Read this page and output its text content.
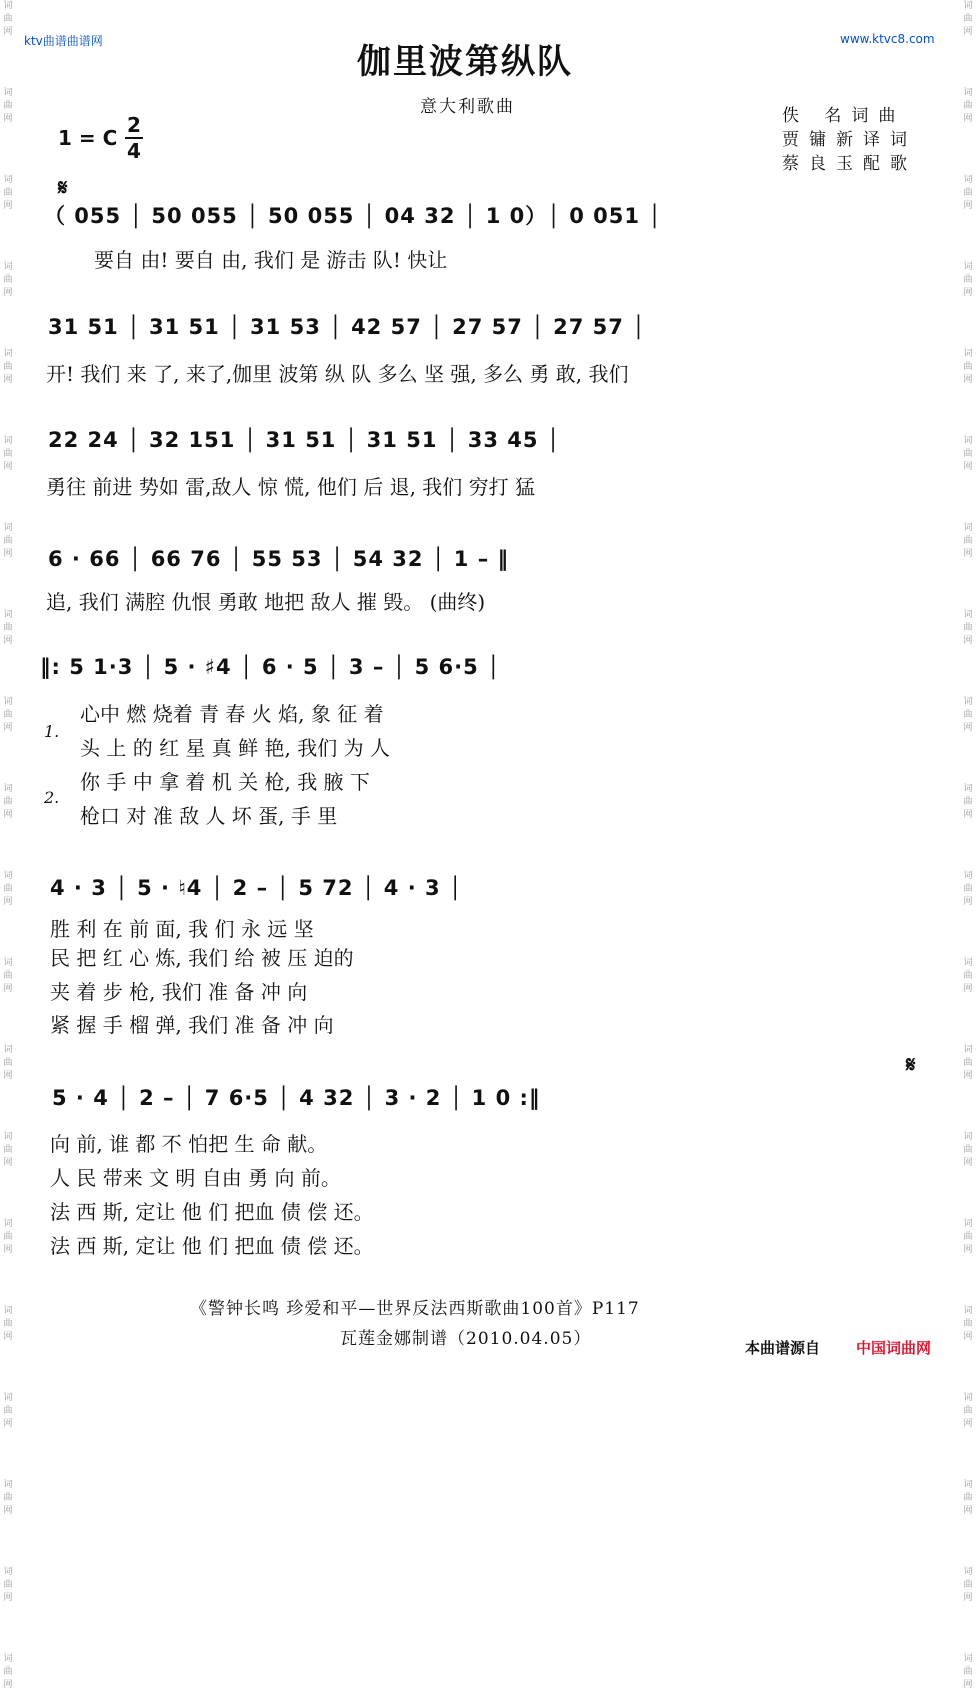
词曲网
词曲网
词曲网
词曲网
词曲网
词曲网
词曲网
词曲网
词曲网
词曲网
词曲网
词曲网
词曲网
词曲网
词曲网
词曲网
词曲网
词曲网
词曲网
词曲网
词曲网
词曲网
词曲网
词曲网
词曲网
词曲网
词曲网
词曲网
词曲网
词曲网
词曲网
词曲网
词曲网
词曲网
词曲网
词曲网
词曲网
词曲网
词曲网
词曲网
ktv曲谱曲谱网	www.ktvc8.com
伽里波第纵队
意大利歌曲
1 = C
2
4
佚 名词曲
贾镛新译词
蔡良玉配歌
𝄋
（ 055 │ 50 055 │ 50 055 │ 04 32 │ 1 0）│ 0 051 │
要自 由! 要自 由, 我们 是 游击 队! 快让
31 51 │ 31 51 │ 31 53 │ 42 57 │ 27 57 │ 27 57 │
开! 我们 来 了, 来了,伽里 波第 纵 队 多么 坚 强, 多么 勇 敢, 我们
22 24 │ 32 151 │ 31 51 │ 31 51 │ 33 45 │
勇往 前进 势如 雷,敌人 惊 慌, 他们 后 退, 我们 穷打 猛
6 · 66 │ 66 76 │ 55 53 │ 54 32 │ 1 – ‖
追, 我们 满腔 仇恨 勇敢 地把 敌人 摧 毁。 (曲终)
‖: 5 1·3 │ 5 · ♯4 │ 6 · 5 │ 3 – │ 5 6·5 │
1.
2.
心中 燃 烧着 青 春 火 焰, 象 征 着
头 上 的 红 星 真 鲜 艳, 我们 为 人
你 手 中 拿 着 机 关 枪, 我 腋 下
枪口 对 准 敌 人 坏 蛋, 手 里
4 · 3 │ 5 · ♮4 │ 2 – │ 5 72 │ 4 · 3 │
胜 利 在 前 面, 我 们 永 远 坚
民 把 红 心 炼, 我们 给 被 压 迫的
夹 着 步 枪, 我们 准 备 冲 向
紧 握 手 榴 弹, 我们 准 备 冲 向
𝄋
5 · 4 │ 2 – │ 7 6·5 │ 4 32 │ 3 · 2 │ 1 0 :‖
向 前, 谁 都 不 怕把 生 命 献。
人 民 带来 文 明 自由 勇 向 前。
法 西 斯, 定让 他 们 把血 债 偿 还。
法 西 斯, 定让 他 们 把血 债 偿 还。
《警钟长鸣 珍爱和平—世界反法西斯歌曲100首》P117
瓦莲金娜制谱（2010.04.05）	本曲谱源自 中国词曲网
